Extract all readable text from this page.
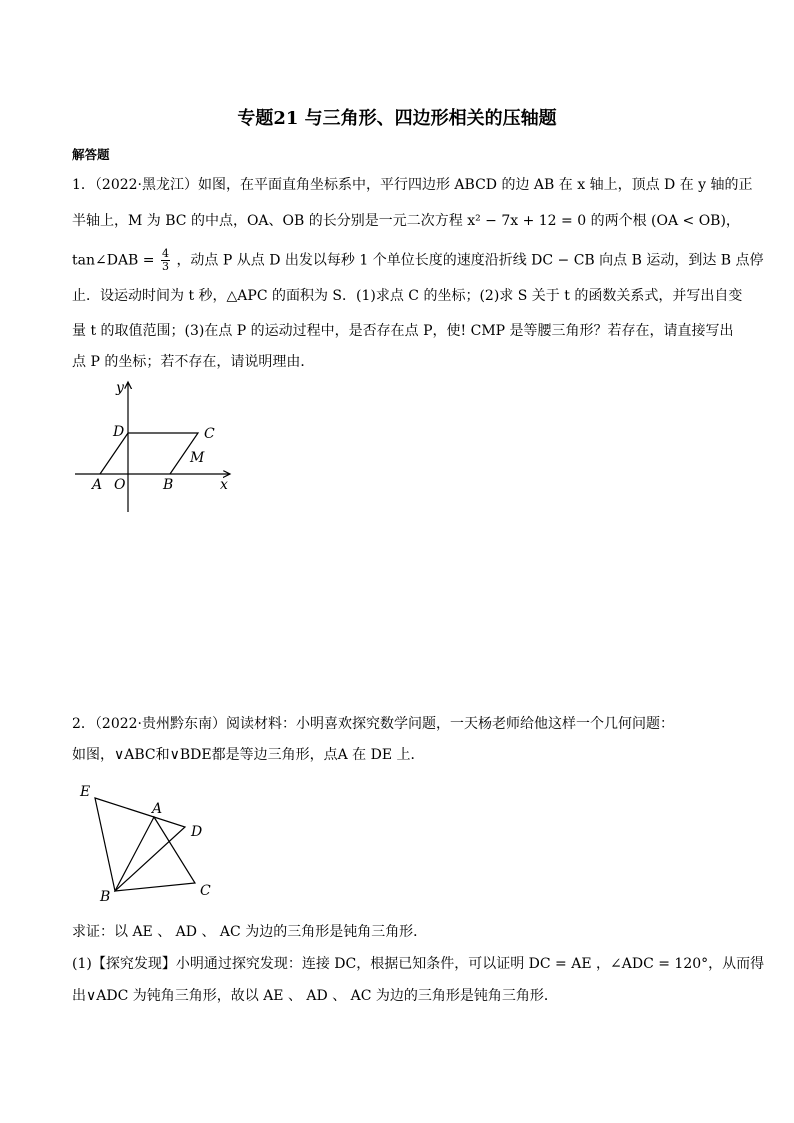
专题21 与三角形、四边形相关的压轴题
解答题
1．（2022·黑龙江）如图，在平面直角坐标系中，平行四边形 ABCD 的边 AB 在 x 轴上，顶点 D 在 y 轴的正
半轴上，M 为 BC 的中点，OA、OB 的长分别是一元二次方程 x² − 7x + 12 = 0 的两个根 (OA < OB)，
tan∠DAB = $\frac{4}{3}$ ，动点 P 从点 D 出发以每秒 1 个单位长度的速度沿折线 DC − CB 向点 B 运动，到达 B 点停
止．设运动时间为 t 秒，△APC 的面积为 S．(1)求点 C 的坐标；(2)求 S 关于 t 的函数关系式，并写出自变
量 t 的取值范围；(3)在点 P 的运动过程中，是否存在点 P，使! CMP 是等腰三角形？若存在，请直接写出
点 P 的坐标；若不存在，请说明理由．
y
x
D	C
M
A O	B
2．（2022·贵州黔东南）阅读材料：小明喜欢探究数学问题，一天杨老师给他这样一个几何问题：
如图，∨ABC和∨BDE都是等边三角形，点A 在 DE 上．
E
A
D
B	C
求证：以 AE 、 AD 、 AC 为边的三角形是钝角三角形．
(1)【探究发现】小明通过探究发现：连接 DC，根据已知条件，可以证明 DC = AE ，∠ADC = 120°，从而得
出∨ADC 为钝角三角形，故以 AE 、 AD 、 AC 为边的三角形是钝角三角形．
